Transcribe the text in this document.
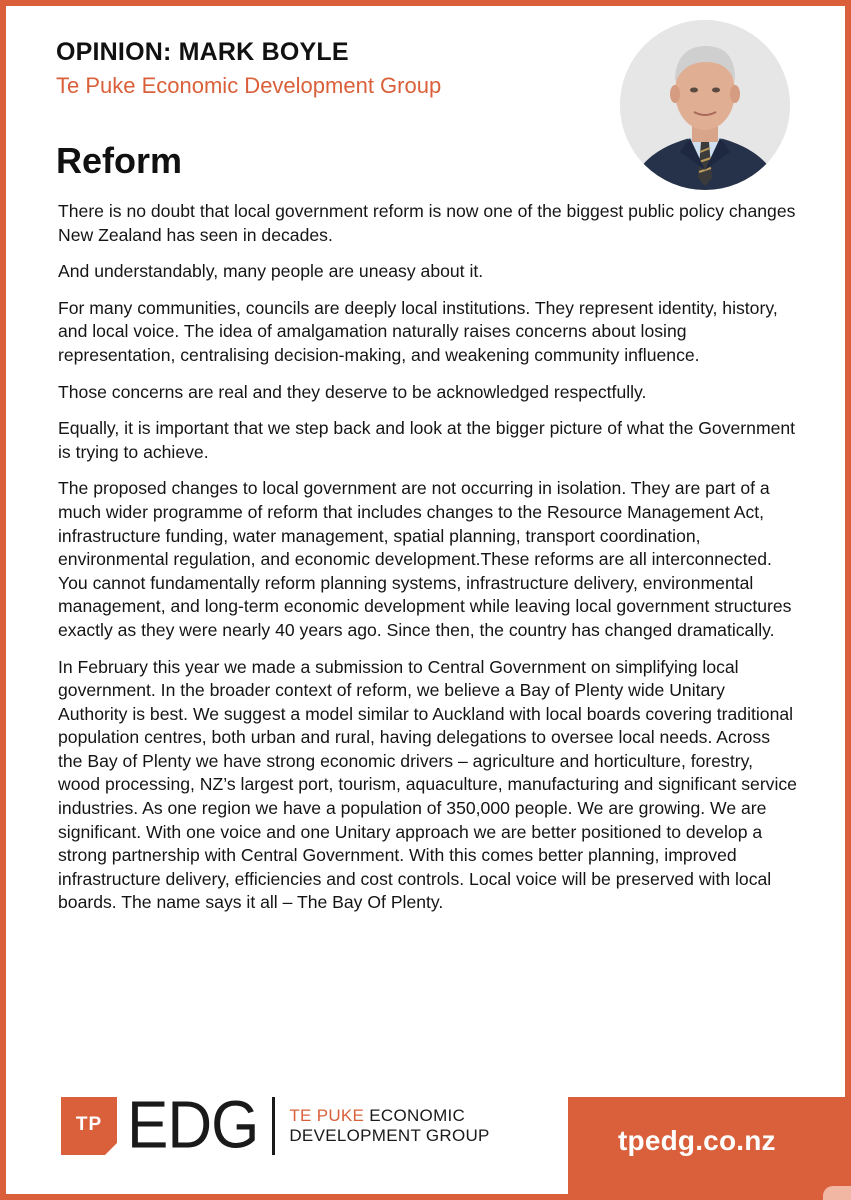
OPINION: MARK BOYLE

Te Puke Economic Development Group

Reform

There is no doubt that local government reform is now one of the biggest public policy changes New Zealand has seen in decades.

And understandably, many people are uneasy about it.

For many communities, councils are deeply local institutions. They represent identity, history, and local voice. The idea of amalgamation naturally raises concerns about losing representation, centralising decision-making, and weakening community influence.

Those concerns are real and they deserve to be acknowledged respectfully.

Equally, it is important that we step back and look at the bigger picture of what the Government is trying to achieve.

The proposed changes to local government are not occurring in isolation. They are part of a much wider programme of reform that includes changes to the Resource Management Act, infrastructure funding, water management, spatial planning, transport coordination, environmental regulation, and economic development.These reforms are all interconnected. You cannot fundamentally reform planning systems, infrastructure delivery, environmental management, and long-term economic development while leaving local government structures exactly as they were nearly 40 years ago. Since then, the country has changed dramatically.

In February this year we made a submission to Central Government on simplifying local government. In the broader context of reform, we believe a Bay of Plenty wide Unitary Authority is best. We suggest a model similar to Auckland with local boards covering traditional population centres, both urban and rural, having delegations to oversee local needs. Across the Bay of Plenty we have strong economic drivers – agriculture and horticulture, forestry, wood processing, NZ’s largest port, tourism, aquaculture, manufacturing and significant service industries. As one region we have a population of 350,000 people. We are growing. We are significant. With one voice and one Unitary approach we are better positioned to develop a strong partnership with Central Government. With this comes better planning, improved infrastructure delivery, efficiencies and cost controls. Local voice will be preserved with local boards. The name says it all – The Bay Of Plenty.

TP EDG TE PUKE ECONOMIC
DEVELOPMENT GROUP	tpedg.co.nz
